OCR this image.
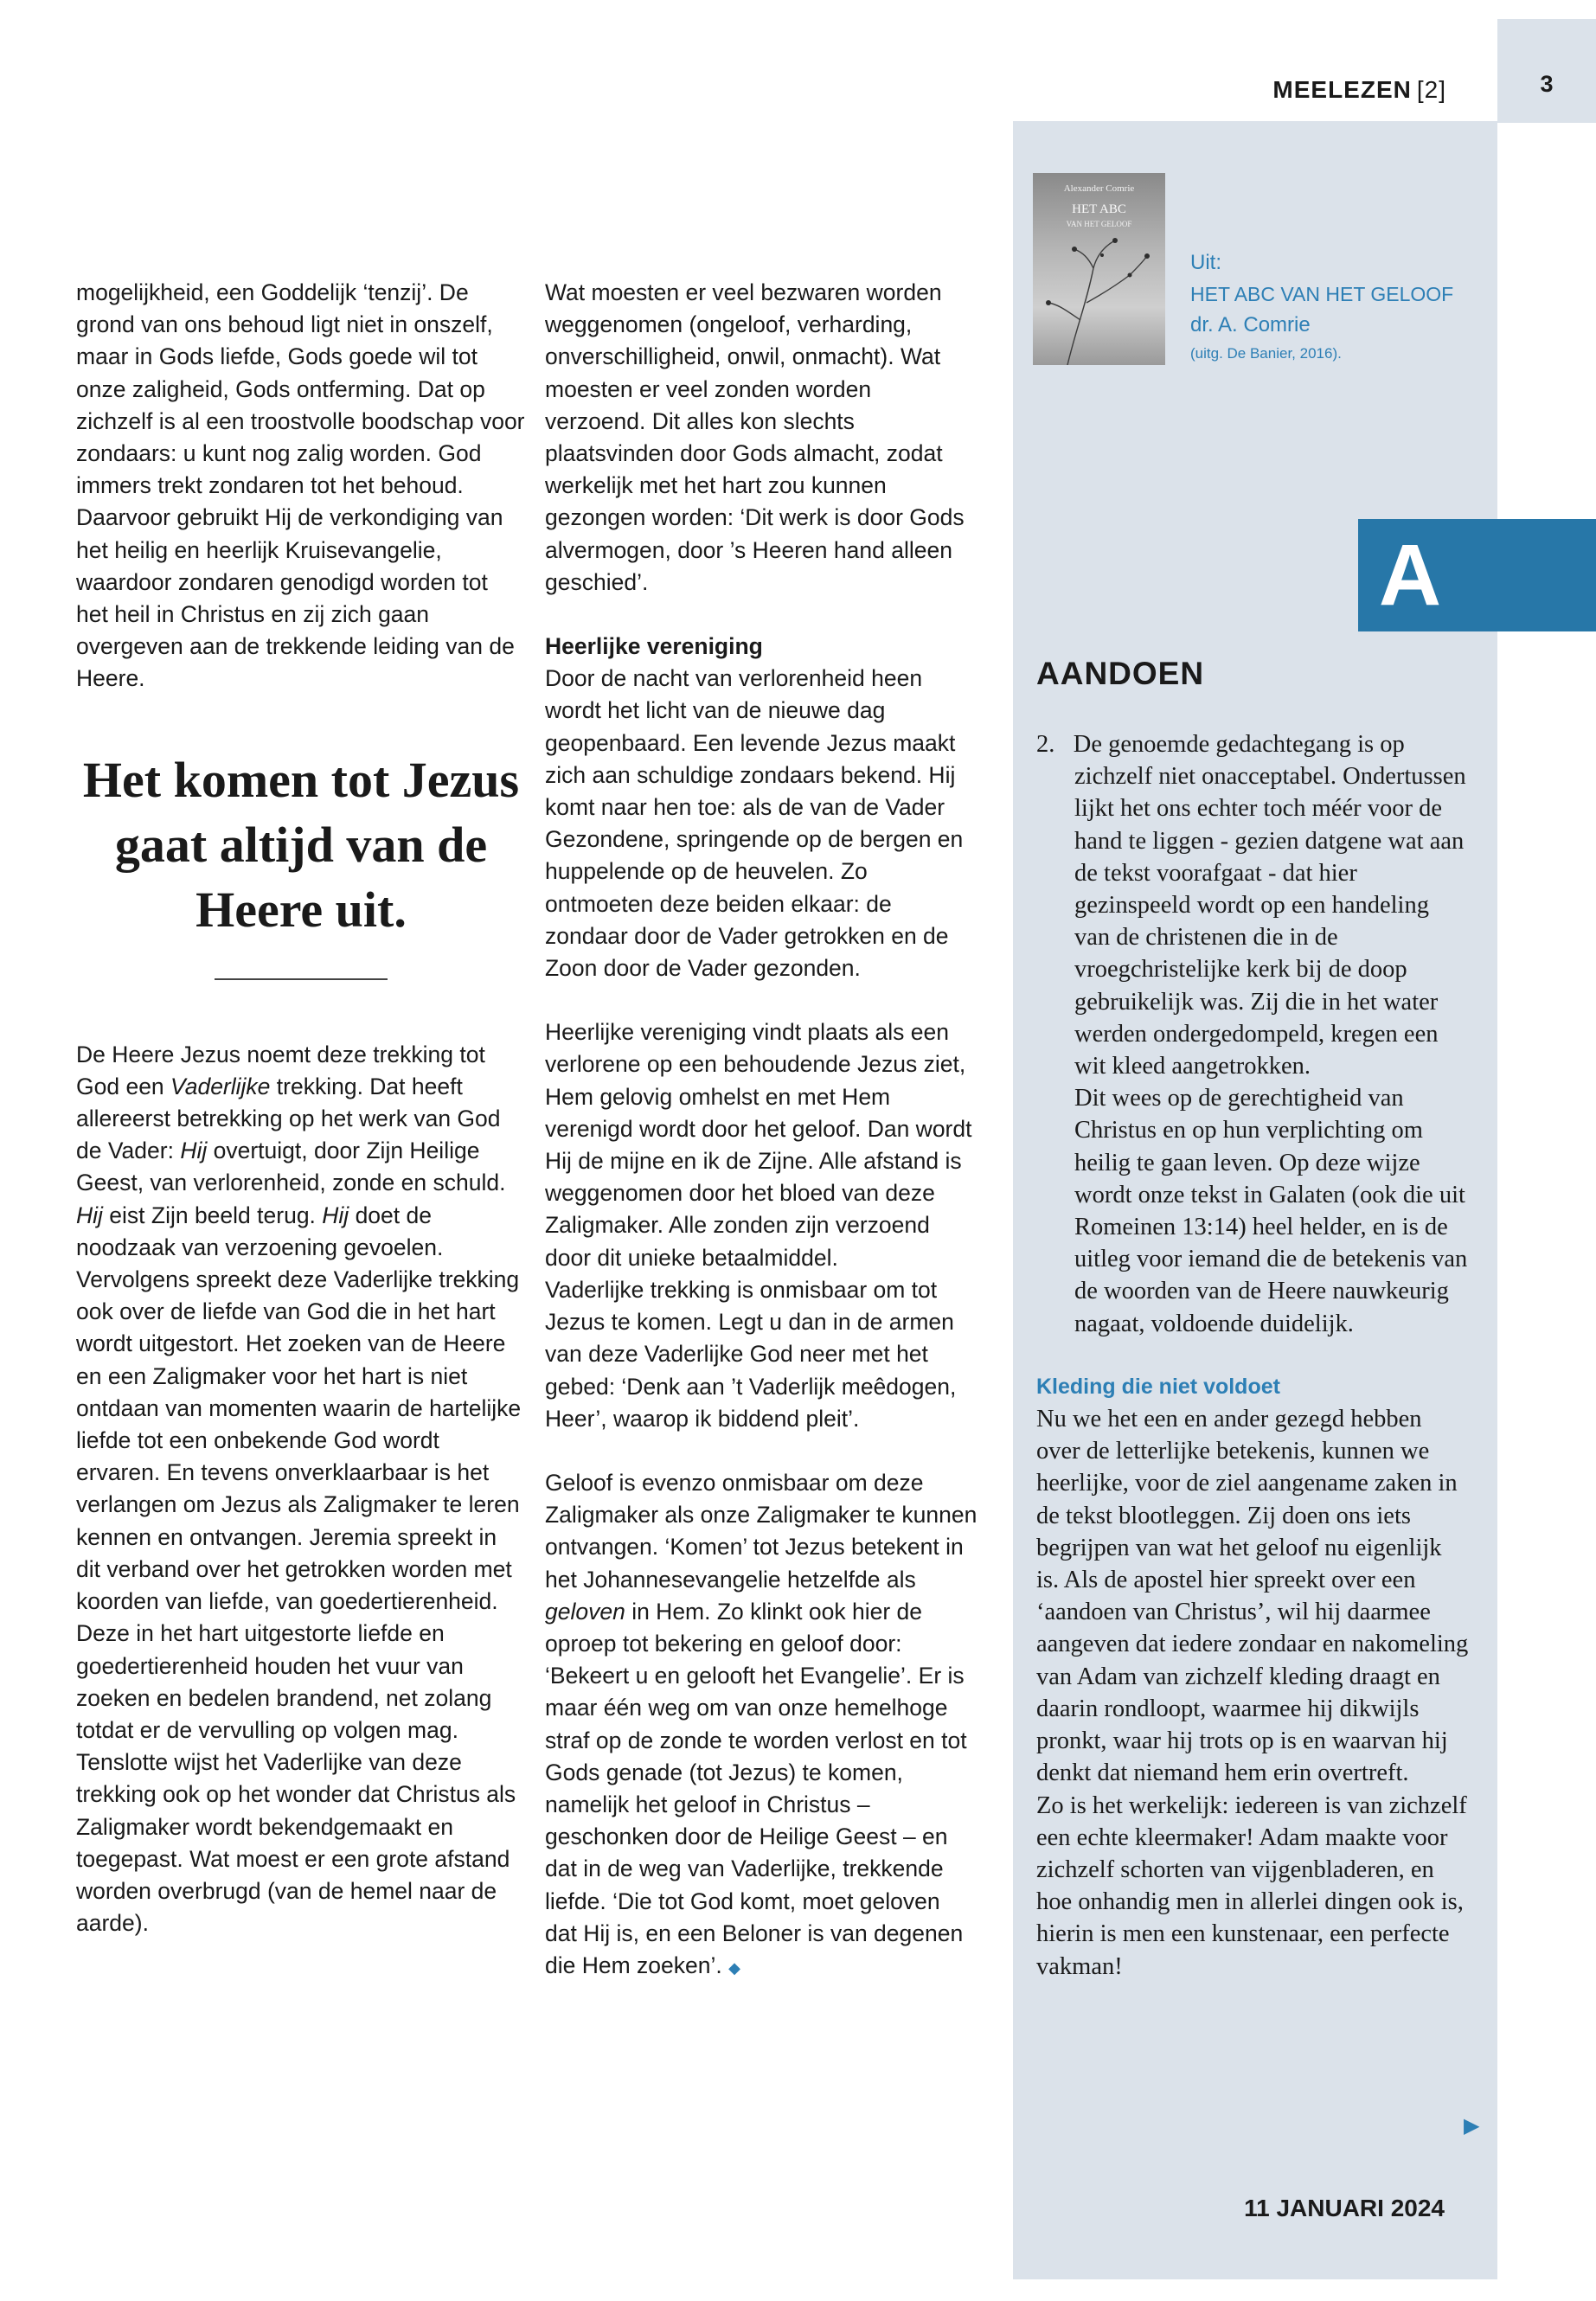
3
MEELEZEN [2]

mogelijkheid, een Goddelijk ‘tenzij’. De grond van ons behoud ligt niet in onszelf, maar in Gods liefde, Gods goede wil tot onze zaligheid, Gods ontferming. Dat op zichzelf is al een troostvolle boodschap voor zondaars: u kunt nog zalig worden. God immers trekt zondaren tot het behoud. Daarvoor gebruikt Hij de verkondiging van het heilig en heerlijk Kruisevangelie, waardoor zondaren genodigd worden tot het heil in Christus en zij zich gaan overgeven aan de trekkende leiding van de Heere.

Het komen tot Jezus gaat altijd van de Heere uit.

De Heere Jezus noemt deze trekking tot God een Vaderlijke trekking. Dat heeft allereerst betrekking op het werk van God de Vader: Hij overtuigt, door Zijn Heilige Geest, van verlorenheid, zonde en schuld. Hij eist Zijn beeld terug. Hij doet de noodzaak van verzoening gevoelen.

Vervolgens spreekt deze Vaderlijke trekking ook over de liefde van God die in het hart wordt uitgestort. Het zoeken van de Heere en een Zaligmaker voor het hart is niet ontdaan van momenten waarin de hartelijke liefde tot een onbekende God wordt ervaren. En tevens onverklaarbaar is het verlangen om Jezus als Zaligmaker te leren kennen en ontvangen. Jeremia spreekt in dit verband over het getrokken worden met koorden van liefde, van goedertierenheid. Deze in het hart uitgestorte liefde en goedertierenheid houden het vuur van zoeken en bedelen brandend, net zolang totdat er de vervulling op volgen mag.

Tenslotte wijst het Vaderlijke van deze trekking ook op het wonder dat Christus als Zaligmaker wordt bekendgemaakt en toegepast. Wat moest er een grote afstand worden overbrugd (van de hemel naar de aarde).

Wat moesten er veel bezwaren worden weggenomen (ongeloof, verharding, onverschilligheid, onwil, onmacht). Wat moesten er veel zonden worden verzoend. Dit alles kon slechts plaatsvinden door Gods almacht, zodat werkelijk met het hart zou kunnen gezongen worden: ‘Dit werk is door Gods alvermogen, door ’s Heeren hand alleen geschied’.

Heerlijke vereniging

Door de nacht van verlorenheid heen wordt het licht van de nieuwe dag geopenbaard. Een levende Jezus maakt zich aan schuldige zondaars bekend. Hij komt naar hen toe: als de van de Vader Gezondene, springende op de bergen en huppelende op de heuvelen. Zo ontmoeten deze beiden elkaar: de zondaar door de Vader getrokken en de Zoon door de Vader gezonden.

Heerlijke vereniging vindt plaats als een verlorene op een behoudende Jezus ziet, Hem gelovig omhelst en met Hem verenigd wordt door het geloof. Dan wordt Hij de mijne en ik de Zijne. Alle afstand is weggenomen door het bloed van deze Zaligmaker. Alle zonden zijn verzoend door dit unieke betaalmiddel.

Vaderlijke trekking is onmisbaar om tot Jezus te komen. Legt u dan in de armen van deze Vaderlijke God neer met het gebed: ‘Denk aan ’t Vaderlijk meêdogen, Heer’, waarop ik biddend pleit’.

Geloof is evenzo onmisbaar om deze Zaligmaker als onze Zaligmaker te kunnen ontvangen. ‘Komen’ tot Jezus betekent in het Johannesevangelie hetzelfde als geloven in Hem. Zo klinkt ook hier de oproep tot bekering en geloof door: ‘Bekeert u en gelooft het Evangelie’. Er is maar één weg om van onze hemelhoge straf op de zonde te worden verlost en tot Gods genade (tot Jezus) te komen, namelijk het geloof in Christus – geschonken door de Heilige Geest – en dat in de weg van Vaderlijke, trekkende liefde. ‘Die tot God komt, moet geloven dat Hij is, en een Beloner is van degenen die Hem zoeken’. ◆

Alexander Comrie
HET ABC
VAN HET GELOOF
Uit:

HET ABC VAN HET GELOOF
dr. A. Comrie
(uitg. De Banier, 2016).
A
AANDOEN

2. De genoemde gedachtegang is op zichzelf niet onacceptabel. Ondertussen lijkt het ons echter toch méér voor de hand te liggen - gezien datgene wat aan de tekst voorafgaat - dat hier gezinspeeld wordt op een handeling van de christenen die in de vroegchristelijke kerk bij de doop gebruikelijk was. Zij die in het water werden ondergedompeld, kregen een wit kleed aangetrokken.

Dit wees op de gerechtigheid van Christus en op hun verplichting om heilig te gaan leven. Op deze wijze wordt onze tekst in Galaten (ook die uit Romeinen 13:14) heel helder, en is de uitleg voor iemand die de betekenis van de woorden van de Heere nauwkeurig nagaat, voldoende duidelijk.

Kleding die niet voldoet

Nu we het een en ander gezegd hebben over de letterlijke betekenis, kunnen we heerlijke, voor de ziel aangename zaken in de tekst blootleggen. Zij doen ons iets begrijpen van wat het geloof nu eigenlijk is. Als de apostel hier spreekt over een ‘aandoen van Christus’, wil hij daarmee aangeven dat iedere zondaar en nakomeling van Adam van zichzelf kleding draagt en daarin rondloopt, waarmee hij dikwijls pronkt, waar hij trots op is en waarvan hij denkt dat niemand hem erin overtreft.

Zo is het werkelijk: iedereen is van zichzelf een echte kleermaker! Adam maakte voor zichzelf schorten van vijgenbladeren, en hoe onhandig men in allerlei dingen ook is, hierin is men een kunstenaar, een perfecte vakman!

▶
11 JANUARI 2024
